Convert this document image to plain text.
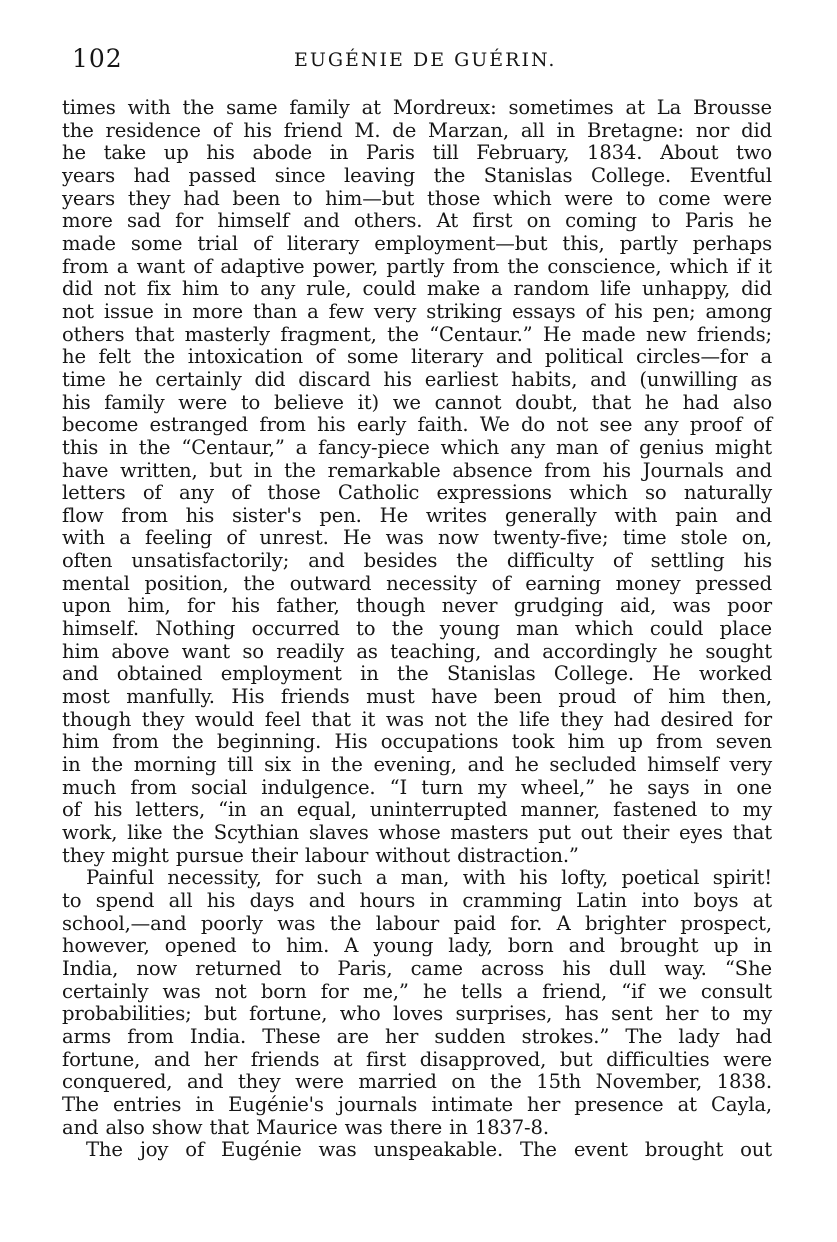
102	EUGÉNIE DE GUÉRIN.
times with the same family at Mordreux: sometimes at La Brousse
the residence of his friend M. de Marzan, all in Bretagne: nor did
he take up his abode in Paris till February, 1834. About two
years had passed since leaving the Stanislas College. Eventful
years they had been to him—but those which were to come were
more sad for himself and others. At first on coming to Paris he
made some trial of literary employment—but this, partly perhaps
from a want of adaptive power, partly from the conscience, which if it
did not fix him to any rule, could make a random life unhappy, did
not issue in more than a few very striking essays of his pen; among
others that masterly fragment, the “Centaur.” He made new friends;
he felt the intoxication of some literary and political circles—for a
time he certainly did discard his earliest habits, and (unwilling as
his family were to believe it) we cannot doubt, that he had also
become estranged from his early faith. We do not see any proof of
this in the “Centaur,” a fancy-piece which any man of genius might
have written, but in the remarkable absence from his Journals and
letters of any of those Catholic expressions which so naturally
flow from his sister's pen. He writes generally with pain and
with a feeling of unrest. He was now twenty-five; time stole on,
often unsatisfactorily; and besides the difficulty of settling his
mental position, the outward necessity of earning money pressed
upon him, for his father, though never grudging aid, was poor
himself. Nothing occurred to the young man which could place
him above want so readily as teaching, and accordingly he sought
and obtained employment in the Stanislas College. He worked
most manfully. His friends must have been proud of him then,
though they would feel that it was not the life they had desired for
him from the beginning. His occupations took him up from seven
in the morning till six in the evening, and he secluded himself very
much from social indulgence. “I turn my wheel,” he says in one
of his letters, “in an equal, uninterrupted manner, fastened to my
work, like the Scythian slaves whose masters put out their eyes that
they might pursue their labour without distraction.”
Painful necessity, for such a man, with his lofty, poetical spirit!
to spend all his days and hours in cramming Latin into boys at
school,—and poorly was the labour paid for. A brighter prospect,
however, opened to him. A young lady, born and brought up in
India, now returned to Paris, came across his dull way. “She
certainly was not born for me,” he tells a friend, “if we consult
probabilities; but fortune, who loves surprises, has sent her to my
arms from India. These are her sudden strokes.” The lady had
fortune, and her friends at first disapproved, but difficulties were
conquered, and they were married on the 15th November, 1838.
The entries in Eugénie's journals intimate her presence at Cayla,
and also show that Maurice was there in 1837-8.
The joy of Eugénie was unspeakable. The event brought out
